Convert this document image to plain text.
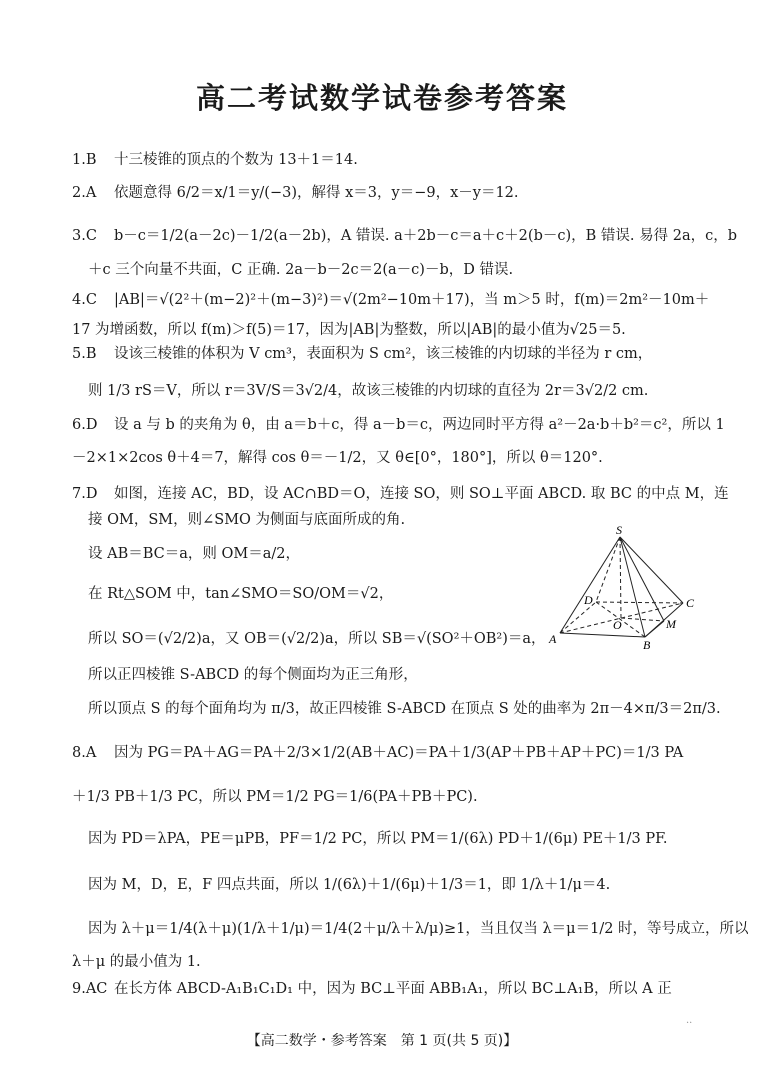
高二考试数学试卷参考答案
1.B 十三棱锥的顶点的个数为 13＋1＝14.
2.A 依题意得 6/2＝x/1＝y/(−3)，解得 x＝3，y＝−9，x－y＝12.
3.C b－c＝1/2(a－2c)－1/2(a－2b)，A 错误. a＋2b－c＝a＋c＋2(b－c)，B 错误. 易得 2a，c，b
＋c 三个向量不共面，C 正确. 2a－b－2c＝2(a－c)－b，D 错误.
4.C |AB|＝√(2²＋(m−2)²＋(m−3)²)＝√(2m²−10m＋17)，当 m＞5 时，f(m)＝2m²－10m＋
17 为增函数，所以 f(m)＞f(5)＝17，因为|AB|为整数，所以|AB|的最小值为√25＝5.
5.B 设该三棱锥的体积为 V cm³，表面积为 S cm²，该三棱锥的内切球的半径为 r cm，
则 1/3 rS＝V，所以 r＝3V/S＝3√2/4，故该三棱锥的内切球的直径为 2r＝3√2/2 cm.
6.D 设 a 与 b 的夹角为 θ，由 a＝b＋c，得 a－b＝c，两边同时平方得 a²－2a·b＋b²＝c²，所以 1
－2×1×2cos θ＋4＝7，解得 cos θ＝－1/2，又 θ∈[0°，180°]，所以 θ＝120°.
7.D 如图，连接 AC，BD，设 AC∩BD＝O，连接 SO，则 SO⊥平面 ABCD. 取 BC 的中点 M，连
接 OM，SM，则∠SMO 为侧面与底面所成的角.
设 AB＝BC＝a，则 OM＝a/2，
在 Rt△SOM 中，tan∠SMO＝SO/OM＝√2，
所以 SO＝(√2/2)a，又 OB＝(√2/2)a，所以 SB＝√(SO²＋OB²)＝a，
所以正四棱锥 S-ABCD 的每个侧面均为正三角形，
所以顶点 S 的每个面角均为 π/3，故正四棱锥 S-ABCD 在顶点 S 处的曲率为 2π－4×π/3＝2π/3.
8.A 因为 PG＝PA＋AG＝PA＋2/3×1/2(AB＋AC)＝PA＋1/3(AP＋PB＋AP＋PC)＝1/3 PA
＋1/3 PB＋1/3 PC，所以 PM＝1/2 PG＝1/6(PA＋PB＋PC).
因为 PD＝λPA，PE＝μPB，PF＝1/2 PC，所以 PM＝1/(6λ) PD＋1/(6μ) PE＋1/3 PF.
因为 M，D，E，F 四点共面，所以 1/(6λ)＋1/(6μ)＋1/3＝1，即 1/λ＋1/μ＝4.
因为 λ＋μ＝1/4(λ＋μ)(1/λ＋1/μ)＝1/4(2＋μ/λ＋λ/μ)≥1，当且仅当 λ＝μ＝1/2 时，等号成立，所以
λ＋μ 的最小值为 1.
9.AC 在长方体 ABCD-A₁B₁C₁D₁ 中，因为 BC⊥平面 ABB₁A₁，所以 BC⊥A₁B，所以 A 正
S
A	B
C
D
O	M
【高二数学・参考答案　第 1 页(共 5 页)】
··
